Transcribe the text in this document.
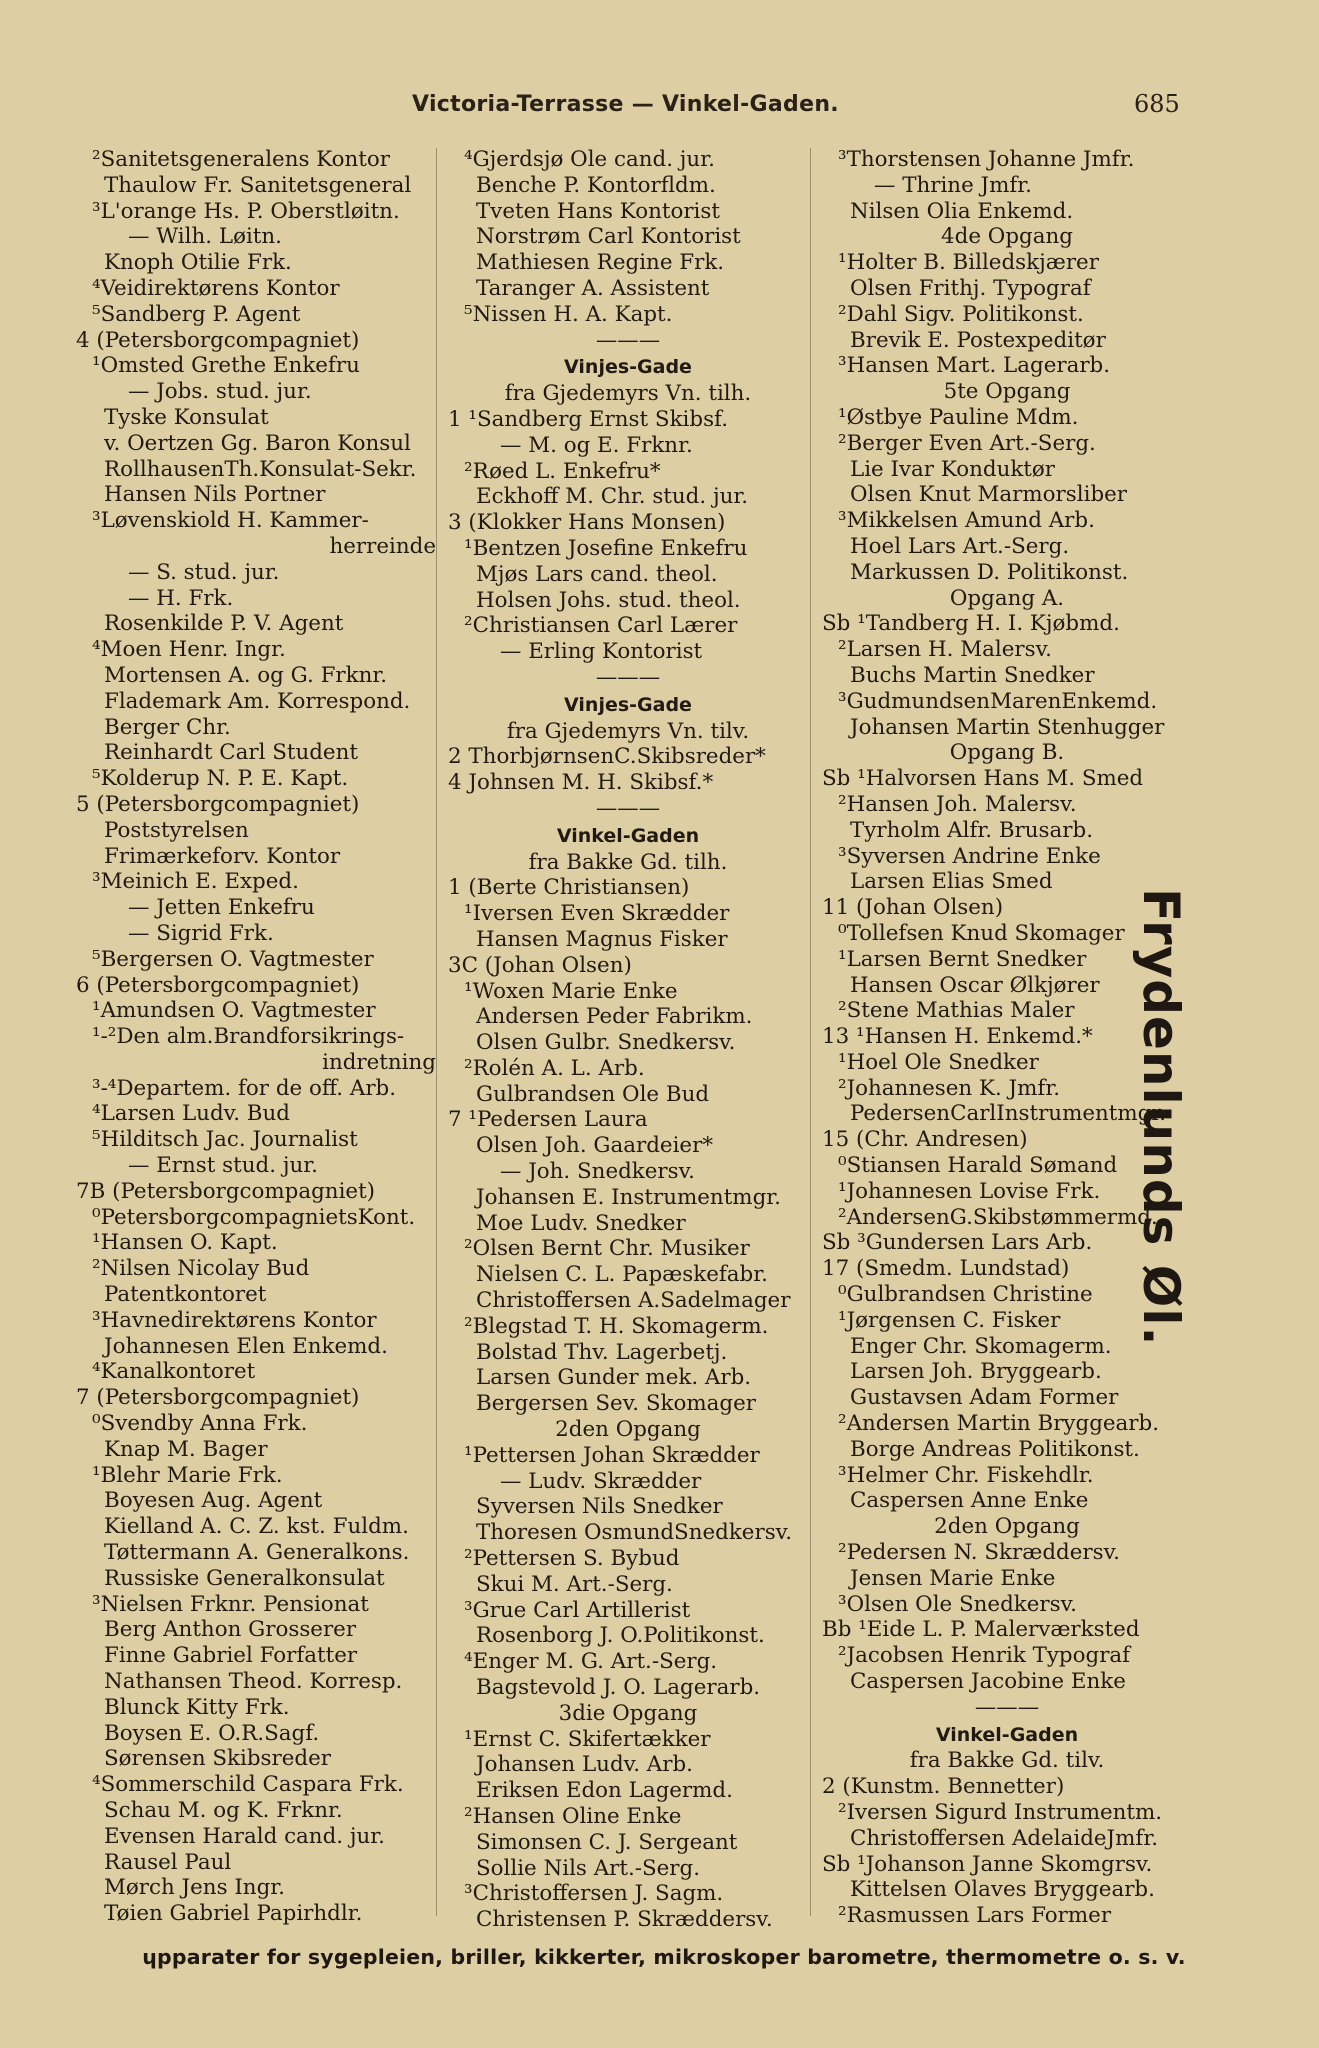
Victoria-Terrasse — Vinkel-Gaden.	685
²Sanitetsgeneralens Kontor
Thaulow Fr. Sanitetsgeneral
³L'orange Hs. P. Oberstløitn.
— Wilh. Løitn.
Knoph Otilie Frk.
⁴Veidirektørens Kontor
⁵Sandberg P. Agent
4 (Petersborgcompagniet)
¹Omsted Grethe Enkefru
— Jobs. stud. jur.
Tyske Konsulat
v. Oertzen Gg. Baron Konsul
RollhausenTh.Konsulat-Sekr.
Hansen Nils Portner
³Løvenskiold H. Kammer-
herreinde
— S. stud. jur.
— H. Frk.
Rosenkilde P. V. Agent
⁴Moen Henr. Ingr.
Mortensen A. og G. Frknr.
Flademark Am. Korrespond.
Berger Chr.
Reinhardt Carl Student
⁵Kolderup N. P. E. Kapt.
5 (Petersborgcompagniet)
Poststyrelsen
Frimærkeforv. Kontor
³Meinich E. Exped.
— Jetten Enkefru
— Sigrid Frk.
⁵Bergersen O. Vagtmester
6 (Petersborgcompagniet)
¹Amundsen O. Vagtmester
¹-²Den alm.Brandforsikrings-
indretning
³-⁴Departem. for de off. Arb.
⁴Larsen Ludv. Bud
⁵Hilditsch Jac. Journalist
— Ernst stud. jur.
7B (Petersborgcompagniet)
⁰PetersborgcompagnietsKont.
¹Hansen O. Kapt.
²Nilsen Nicolay Bud
Patentkontoret
³Havnedirektørens Kontor
Johannesen Elen Enkemd.
⁴Kanalkontoret
7 (Petersborgcompagniet)
⁰Svendby Anna Frk.
Knap M. Bager
¹Blehr Marie Frk.
Boyesen Aug. Agent
Kielland A. C. Z. kst. Fuldm.
Tøttermann A. Generalkons.
Russiske Generalkonsulat
³Nielsen Frknr. Pensionat
Berg Anthon Grosserer
Finne Gabriel Forfatter
Nathansen Theod. Korresp.
Blunck Kitty Frk.
Boysen E. O.R.Sagf.
Sørensen Skibsreder
⁴Sommerschild Caspara Frk.
Schau M. og K. Frknr.
Evensen Harald cand. jur.
Rausel Paul
Mørch Jens Ingr.
Tøien Gabriel Papirhdlr.
⁴Gjerdsjø Ole cand. jur.
Benche P. Kontorfldm.
Tveten Hans Kontorist
Norstrøm Carl Kontorist
Mathiesen Regine Frk.
Taranger A. Assistent
⁵Nissen H. A. Kapt.
———
Vinjes-Gade
fra Gjedemyrs Vn. tilh.
1 ¹Sandberg Ernst Skibsf.
— M. og E. Frknr.
²Røed L. Enkefru*
Eckhoff M. Chr. stud. jur.
3 (Klokker Hans Monsen)
¹Bentzen Josefine Enkefru
Mjøs Lars cand. theol.
Holsen Johs. stud. theol.
²Christiansen Carl Lærer
— Erling Kontorist
———
Vinjes-Gade
fra Gjedemyrs Vn. tilv.
2 ThorbjørnsenC.Skibsreder*
4 Johnsen M. H. Skibsf.*
———
Vinkel-Gaden
fra Bakke Gd. tilh.
1 (Berte Christiansen)
¹Iversen Even Skrædder
Hansen Magnus Fisker
3C (Johan Olsen)
¹Woxen Marie Enke
Andersen Peder Fabrikm.
Olsen Gulbr. Snedkersv.
²Rolén A. L. Arb.
Gulbrandsen Ole Bud
7 ¹Pedersen Laura
Olsen Joh. Gaardeier*
— Joh. Snedkersv.
Johansen E. Instrumentmgr.
Moe Ludv. Snedker
²Olsen Bernt Chr. Musiker
Nielsen C. L. Papæskefabr.
Christoffersen A.Sadelmager
²Blegstad T. H. Skomagerm.
Bolstad Thv. Lagerbetj.
Larsen Gunder mek. Arb.
Bergersen Sev. Skomager
2den Opgang
¹Pettersen Johan Skrædder
— Ludv. Skrædder
Syversen Nils Snedker
Thoresen OsmundSnedkersv.
²Pettersen S. Bybud
Skui M. Art.-Serg.
³Grue Carl Artillerist
Rosenborg J. O.Politikonst.
⁴Enger M. G. Art.-Serg.
Bagstevold J. O. Lagerarb.
3die Opgang
¹Ernst C. Skifertækker
Johansen Ludv. Arb.
Eriksen Edon Lagermd.
²Hansen Oline Enke
Simonsen C. J. Sergeant
Sollie Nils Art.-Serg.
³Christoffersen J. Sagm.
Christensen P. Skræddersv.
³Thorstensen Johanne Jmfr.
— Thrine Jmfr.
Nilsen Olia Enkemd.
4de Opgang
¹Holter B. Billedskjærer
Olsen Frithj. Typograf
²Dahl Sigv. Politikonst.
Brevik E. Postexpeditør
³Hansen Mart. Lagerarb.
5te Opgang
¹Østbye Pauline Mdm.
²Berger Even Art.-Serg.
Lie Ivar Konduktør
Olsen Knut Marmorsliber
³Mikkelsen Amund Arb.
Hoel Lars Art.-Serg.
Markussen D. Politikonst.
Opgang A.
Sb ¹Tandberg H. I. Kjøbmd.
²Larsen H. Malersv.
Buchs Martin Snedker
³GudmundsenMarenEnkemd.
Johansen Martin Stenhugger
Opgang B.
Sb ¹Halvorsen Hans M. Smed
²Hansen Joh. Malersv.
Tyrholm Alfr. Brusarb.
³Syversen Andrine Enke
Larsen Elias Smed
11 (Johan Olsen)
⁰Tollefsen Knud Skomager
¹Larsen Bernt Snedker
Hansen Oscar Ølkjører
²Stene Mathias Maler
13 ¹Hansen H. Enkemd.*
¹Hoel Ole Snedker
²Johannesen K. Jmfr.
PedersenCarlInstrumentmgr.
15 (Chr. Andresen)
⁰Stiansen Harald Sømand
¹Johannesen Lovise Frk.
²AndersenG.Skibstømmermd.
Sb ³Gundersen Lars Arb.
17 (Smedm. Lundstad)
⁰Gulbrandsen Christine
¹Jørgensen C. Fisker
Enger Chr. Skomagerm.
Larsen Joh. Bryggearb.
Gustavsen Adam Former
²Andersen Martin Bryggearb.
Borge Andreas Politikonst.
³Helmer Chr. Fiskehdlr.
Caspersen Anne Enke
2den Opgang
²Pedersen N. Skræddersv.
Jensen Marie Enke
³Olsen Ole Snedkersv.
Bb ¹Eide L. P. Malerværksted
²Jacobsen Henrik Typograf
Caspersen Jacobine Enke
———
Vinkel-Gaden
fra Bakke Gd. tilv.
2 (Kunstm. Bennetter)
²Iversen Sigurd Instrumentm.
Christoffersen AdelaideJmfr.
Sb ¹Johanson Janne Skomgrsv.
Kittelsen Olaves Bryggearb.
²Rasmussen Lars Former
Frydenlunds Øl.
ɥpparater for sygepleien, briller, kikkerter, mikroskoper barometre, thermometre o. s. v.
